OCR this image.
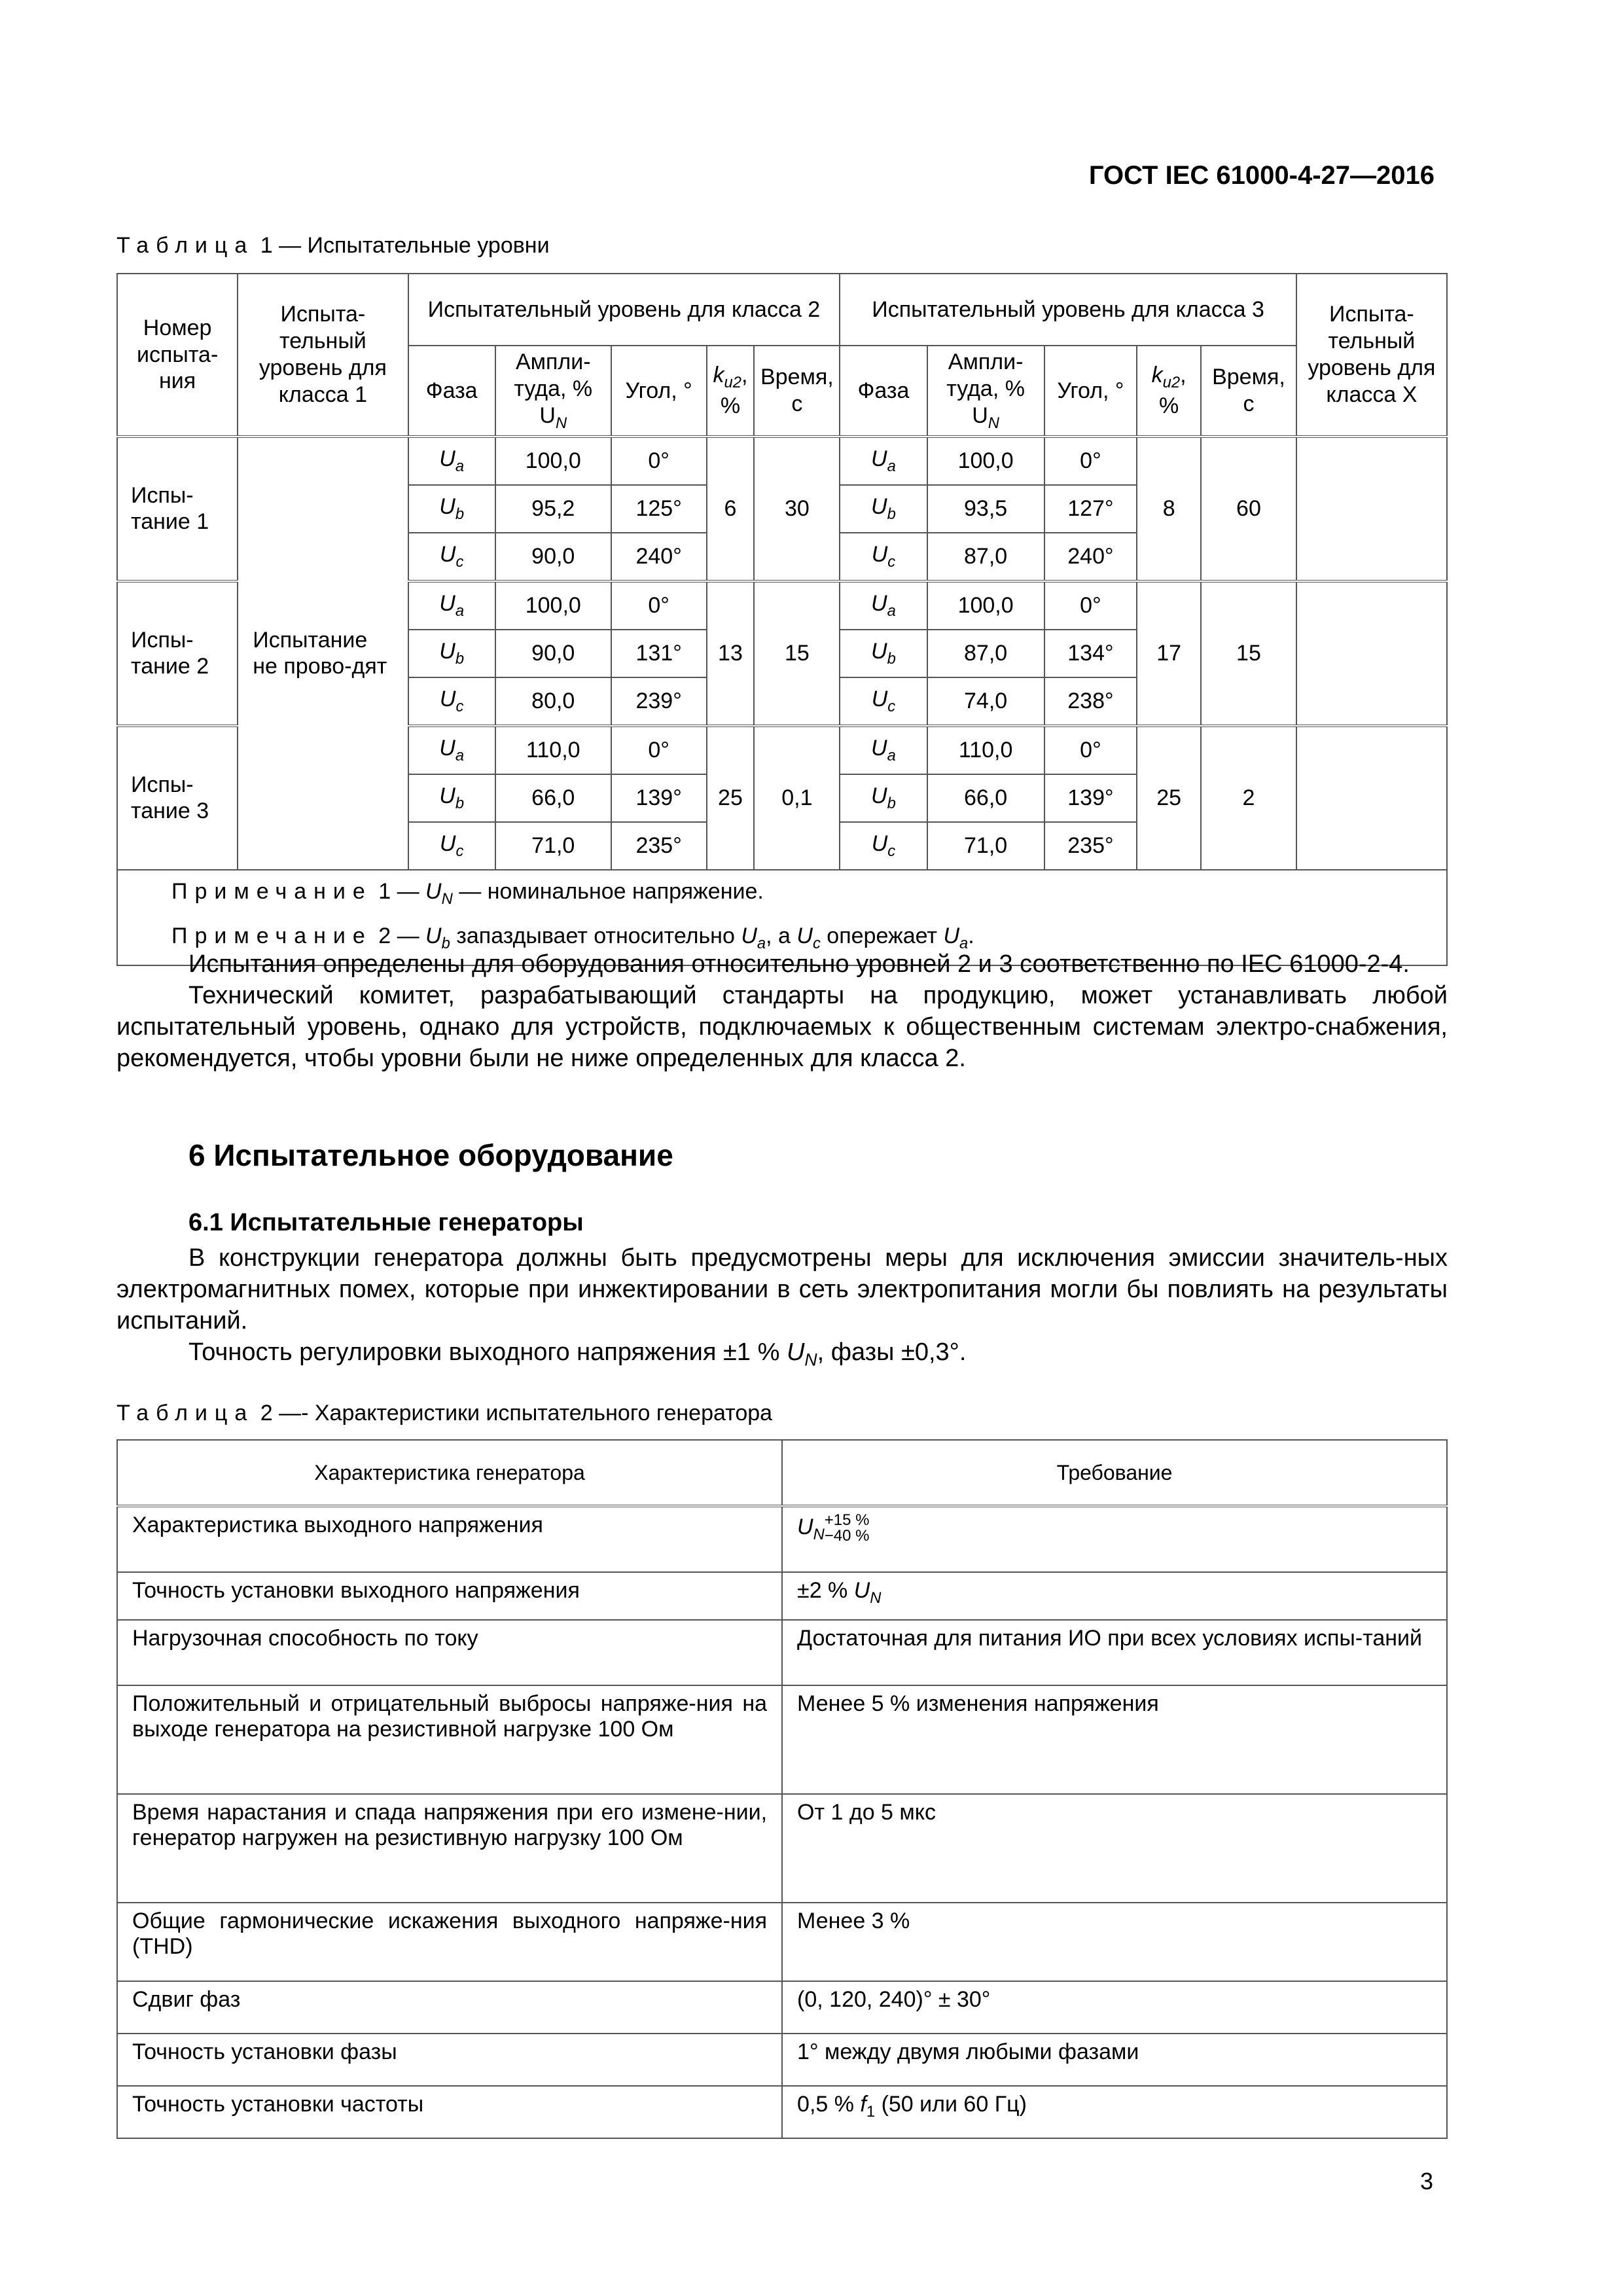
ГОСТ IEC 61000-4-27—2016
Таблица 1 — Испытательные уровни
Номер испыта-ния	Испыта-тельный уровень для класса 1	Испытательный уровень для класса 2					Испытательный уровень для класса 3					Испыта-тельный уровень для класса X
		Фаза	Ампли-туда, % $U_N$	Угол, °	$k_{u2}$, %	Время, с	Фаза	Ампли-туда, % $U_N$	Угол, °	$k_{u2}$, %	Время, с	
Испы-тание 1	Испытание не прово-дят	$U_a$	100,0	0°	6	30	$U_a$	100,0	0°	8	60	
		$U_b$	95,2	125°			$U_b$	93,5	127°			
		$U_c$	90,0	240°			$U_c$	87,0	240°			
Испы-тание 2		$U_a$	100,0	0°	13	15	$U_a$	100,0	0°	17	15	
		$U_b$	90,0	131°			$U_b$	87,0	134°			
		$U_c$	80,0	239°			$U_c$	74,0	238°			
Испы-тание 3		$U_a$	110,0	0°	25	0,1	$U_a$	110,0	0°	25	2	
		$U_b$	66,0	139°			$U_b$	66,0	139°			
		$U_c$	71,0	235°			$U_c$	71,0	235°			

Примечание 1 — $U_N$ — номинальное напряжение.
Примечание 2 — $U_b$ запаздывает относительно $U_a$, а $U_c$ опережает $U_a$.												

Испытания определены для оборудования относительно уровней 2 и 3 соответственно по IEC 61000-2-4.

Технический комитет, разрабатывающий стандарты на продукцию, может устанавливать любой испытательный уровень, однако для устройств, подключаемых к общественным системам электро-снабжения, рекомендуется, чтобы уровни были не ниже определенных для класса 2.

6 Испытательное оборудование
6.1 Испытательные генераторы

В конструкции генератора должны быть предусмотрены меры для исключения эмиссии значитель-ных электромагнитных помех, которые при инжектировании в сеть электропитания могли бы повлиять на результаты испытаний.

Точность регулировки выходного напряжения ±1 % $U_N$, фазы ±0,3°.

Таблица 2 —- Характеристики испытательного генератора
Характеристика генератора	Требование
Характеристика выходного напряжения	$U_N+15$ %
−40 %
Точность установки выходного напряжения	±2 % $U_N$
Нагрузочная способность по току	Достаточная для питания ИО при всех условиях испы-таний
Положительный и отрицательный выбросы напряже-ния на выходе генератора на резистивной нагрузке 100 Ом	Менее 5 % изменения напряжения
Время нарастания и спада напряжения при его измене-нии, генератор нагружен на резистивную нагрузку 100 Ом	От 1 до 5 мкс
Общие гармонические искажения выходного напряже-ния (THD)	Менее 3 %
Сдвиг фаз	(0, 120, 240)° ± 30°
Точность установки фазы	1° между двумя любыми фазами
Точность установки частоты	0,5 % $f_1$ (50 или 60 Гц)
3
